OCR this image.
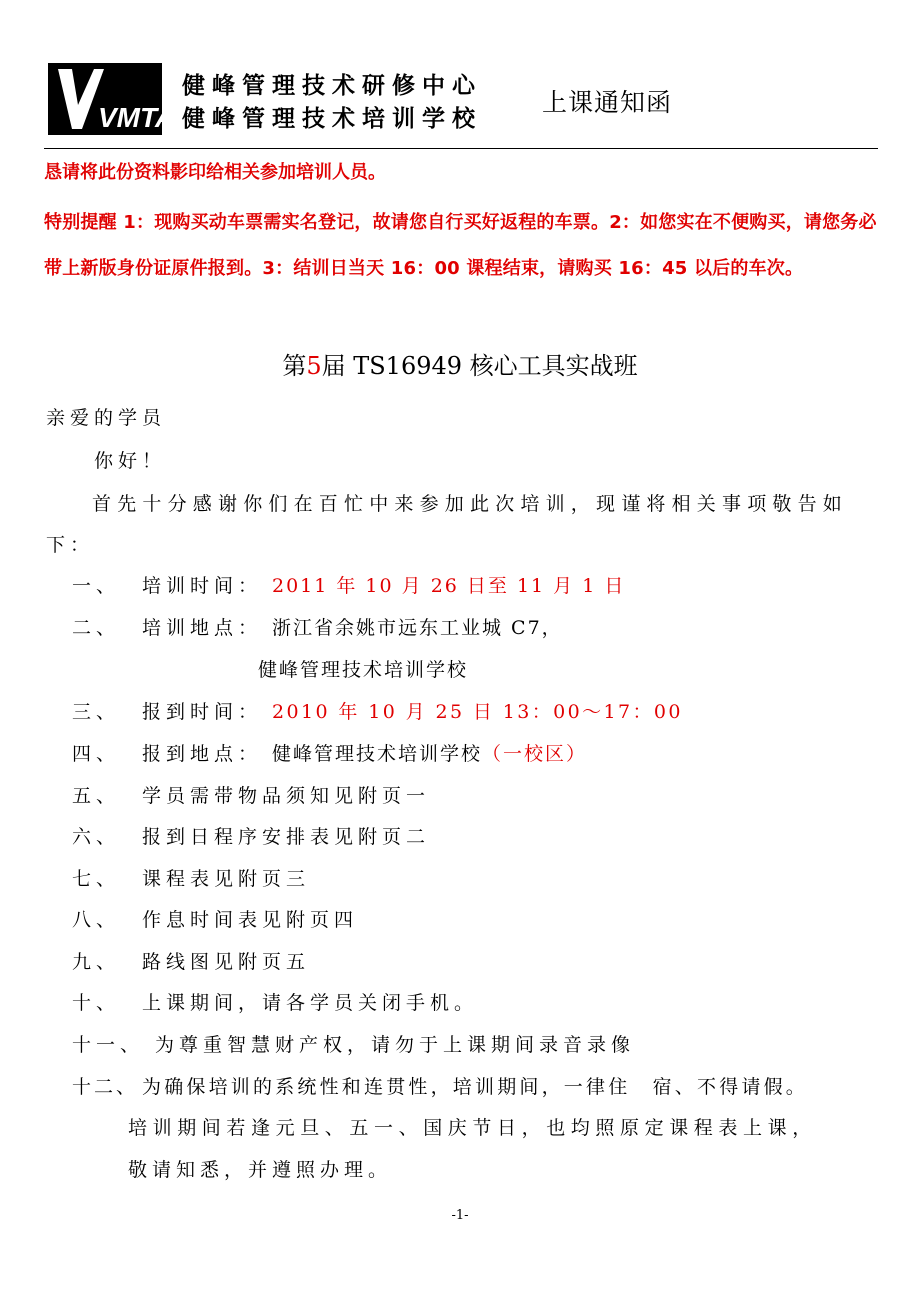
VMTA
健峰管理技术研修中心
健峰管理技术培训学校
上课通知函
恳请将此份资料影印给相关参加培训人员。
特别提醒 1：现购买动车票需实名登记，故请您自行买好返程的车票。2：如您实在不便购买，请您务必带上新版身份证原件报到。3：结训日当天 16：00 课程结束，请购买 16：45 以后的车次。
第5届 TS16949 核心工具实战班
亲爱的学员
你好！
首先十分感谢你们在百忙中来参加此次培训，现谨将相关事项敬告如
下：
一、 培训时间： 2011 年 10 月 26 日至 11 月 1 日
二、 培训地点： 浙江省余姚市远东工业城 C7，
健峰管理技术培训学校
三、 报到时间： 2010 年 10 月 25 日 13：00～17：00
四、 报到地点： 健峰管理技术培训学校（一校区）
五、 学员需带物品须知见附页一
六、 报到日程序安排表见附页二
七、 课程表见附页三
八、 作息时间表见附页四
九、 路线图见附页五
十、 上课期间，请各学员关闭手机。
十一、 为尊重智慧财产权，请勿于上课期间录音录像
十二、 为确保培训的系统性和连贯性，培训期间，一律住　宿、不得请假。
培训期间若逢元旦、五一、国庆节日，也均照原定课程表上课，
敬请知悉，并遵照办理。
-1-
